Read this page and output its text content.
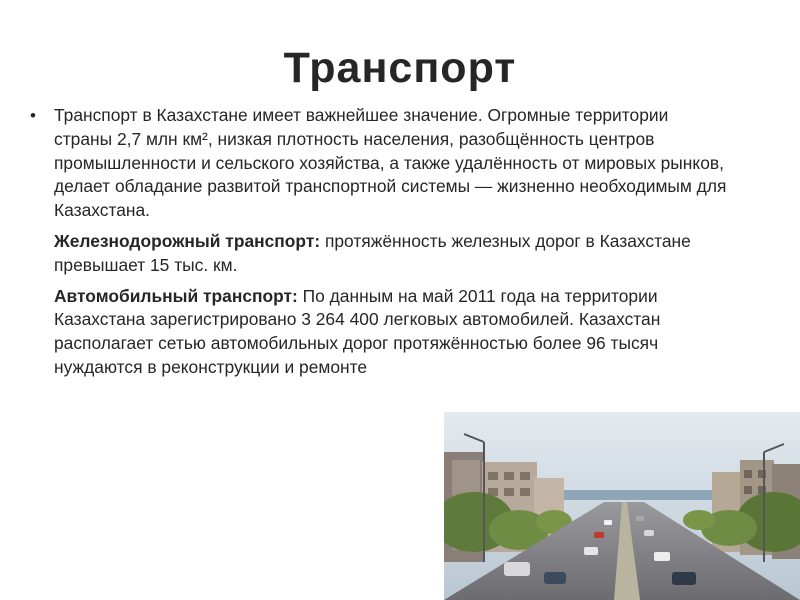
Транспорт
• Транспорт в Казахстане имеет важнейшее значение. Огромные территории страны 2,7 млн км², низкая плотность населения, разобщённость центров промышленности и сельского хозяйства, а также удалённость от мировых рынков, делает обладание развитой транспортной системы — жизненно необходимым для Казахстана.
Железнодорожный транспорт: протяжённость железных дорог в Казахстане превышает 15 тыс. км.
Автомобильный транспорт: По данным на май 2011 года на территории Казахстана зарегистрировано 3 264 400 легковых автомобилей. Казахстан располагает сетью автомобильных дорог протяжённостью более 96 тысяч
нуждаются в реконструкции и ремонте
